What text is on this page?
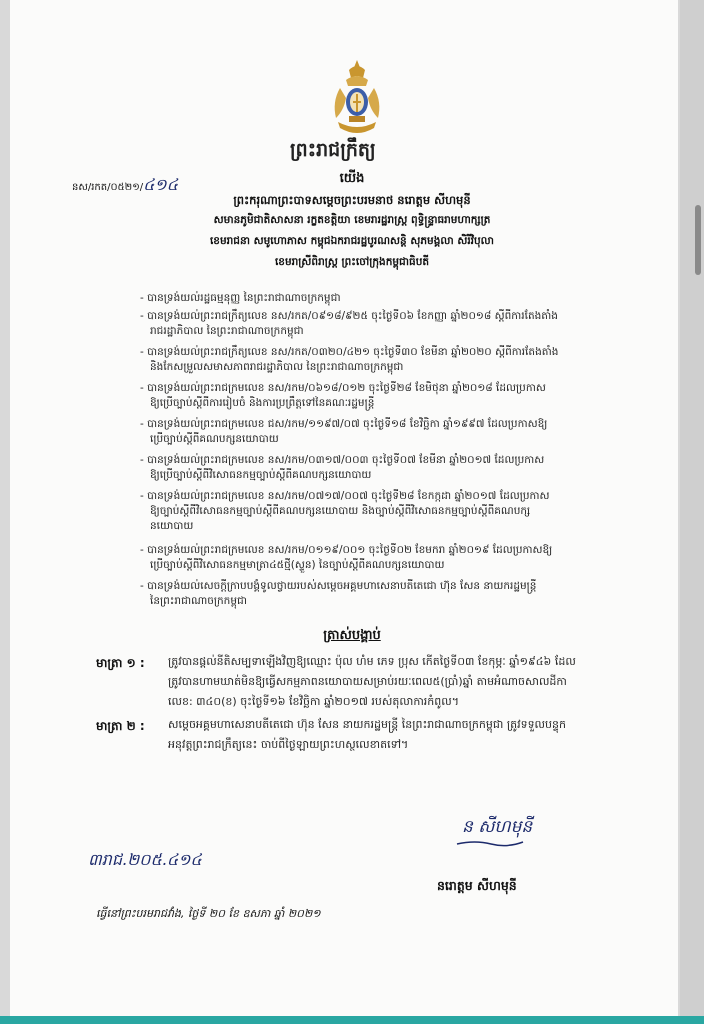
ព្រះរាជក្រឹត្យ
នស/រកត/០៥២១/៤១៤	យើង
ព្រះករុណាព្រះបាទសម្ដេចព្រះបរមនាថ នរោត្តម សីហមុនី
សមានភូមិជាតិសាសនា រក្ខតខត្តិយា ខេមរារដ្ឋរាស្ត្រ ពុទ្ធិន្ទ្រាធរាមហាក្សត្រ
ខេមរាជនា សមូហោភាស កម្ពុជឯករាជរដ្ឋបូរណសន្តិ សុភមង្គលា សិរីវិបុលា
ខេមរាស្រីពិរាស្ត្រ ព្រះចៅក្រុងកម្ពុជាធិបតី
- បានទ្រង់យល់រដ្ឋធម្មនុញ្ញ នៃព្រះរាជាណាចក្រកម្ពុជា
- បានទ្រង់យល់ព្រះរាជក្រឹត្យលេខ នស/រកត/០៩១៨/៩២៥ ចុះថ្ងៃទី០៦ ខែកញ្ញា ឆ្នាំ២០១៨ ស្ដីពីការតែងតាំង
រាជរដ្ឋាភិបាល នៃព្រះរាជាណាចក្រកម្ពុជា
- បានទ្រង់យល់ព្រះរាជក្រឹត្យលេខ នស/រកត/០៣២០/៤២១ ចុះថ្ងៃទី៣០ ខែមីនា ឆ្នាំ២០២០ ស្ដីពីការតែងតាំង
និងកែសម្រួលសមាសភាពរាជរដ្ឋាភិបាល នៃព្រះរាជាណាចក្រកម្ពុជា
- បានទ្រង់យល់ព្រះរាជក្រមលេខ នស/រកម/០៦១៨/០១២ ចុះថ្ងៃទី២៨ ខែមិថុនា ឆ្នាំ២០១៨ ដែលប្រកាស
ឱ្យប្រើច្បាប់ស្ដីពីការរៀបចំ និងការប្រព្រឹត្តទៅនៃគណៈរដ្ឋមន្ត្រី
- បានទ្រង់យល់ព្រះរាជក្រមលេខ ជស/រកម/១១៩៧/០៧ ចុះថ្ងៃទី១៨ ខែវិច្ឆិកា ឆ្នាំ១៩៩៧ ដែលប្រកាសឱ្យ
ប្រើច្បាប់ស្ដីពីគណបក្សនយោបាយ
- បានទ្រង់យល់ព្រះរាជក្រមលេខ នស/រកម/០៣១៧/០០៣ ចុះថ្ងៃទី០៧ ខែមីនា ឆ្នាំ២០១៧ ដែលប្រកាស
ឱ្យប្រើច្បាប់ស្ដីពីវិសោធនកម្មច្បាប់ស្ដីពីគណបក្សនយោបាយ
- បានទ្រង់យល់ព្រះរាជក្រមលេខ នស/រកម/០៧១៧/០០៧ ចុះថ្ងៃទី២៨ ខែកក្កដា ឆ្នាំ២០១៧ ដែលប្រកាស
ឱ្យច្បាប់ស្ដីពីវិសោធនកម្មច្បាប់ស្ដីពីគណបក្សនយោបាយ និងច្បាប់ស្ដីពីវិសោធនកម្មច្បាប់ស្ដីពីគណបក្ស
នយោបាយ
- បានទ្រង់យល់ព្រះរាជក្រមលេខ នស/រកម/០១១៩/០០១ ចុះថ្ងៃទី០២ ខែមករា ឆ្នាំ២០១៩ ដែលប្រកាសឱ្យ
ប្រើច្បាប់ស្ដីពីវិសោធនកម្មមាត្រា៤៥ថ្មី(ស្ទួន) នៃច្បាប់ស្ដីពីគណបក្សនយោបាយ
- បានទ្រង់យល់សេចក្ដីក្រាបបង្គំទូលថ្វាយរបស់សម្ដេចអគ្គមហាសេនាបតីតេជោ ហ៊ុន សែន នាយករដ្ឋមន្ត្រី
នៃព្រះរាជាណាចក្រកម្ពុជា
ត្រាស់បង្គាប់
មាត្រា ១ : ត្រូវបានផ្ដល់នីតិសម្បទាឡើងវិញឱ្យឈ្មោះ ប៉ុល ហំម ភេទ ប្រុស កើតថ្ងៃទី០៣ ខែកុម្ភៈ ឆ្នាំ១៩៤៦ ដែល
ត្រូវបានហាមឃាត់មិនឱ្យធ្វើសកម្មភាពនយោបាយសម្រាប់រយៈពេល៥(ប្រាំ)ឆ្នាំ តាមអំណាចសាលដីកា
លេខ: ៣៤០(ខ) ចុះថ្ងៃទី១៦ ខែវិច្ឆិកា ឆ្នាំ២០១៧ របស់តុលាការកំពូល។
មាត្រា ២ : សម្ដេចអគ្គមហាសេនាបតីតេជោ ហ៊ុន សែន នាយករដ្ឋមន្ត្រី នៃព្រះរាជាណាចក្រកម្ពុជា ត្រូវទទួលបន្ទុក
អនុវត្តព្រះរាជក្រឹត្យនេះ ចាប់ពីថ្ងៃឡាយព្រះហស្ថលេខាតទៅ។
ន សីហមុនី
៣រាជ.២០៥.៤១៤
នរោត្តម សីហមុនី
ធ្វើនៅព្រះបរមរាជវាំង, ថ្ងៃទី ២០ ខែ ឧសភា ឆ្នាំ ២០២១
